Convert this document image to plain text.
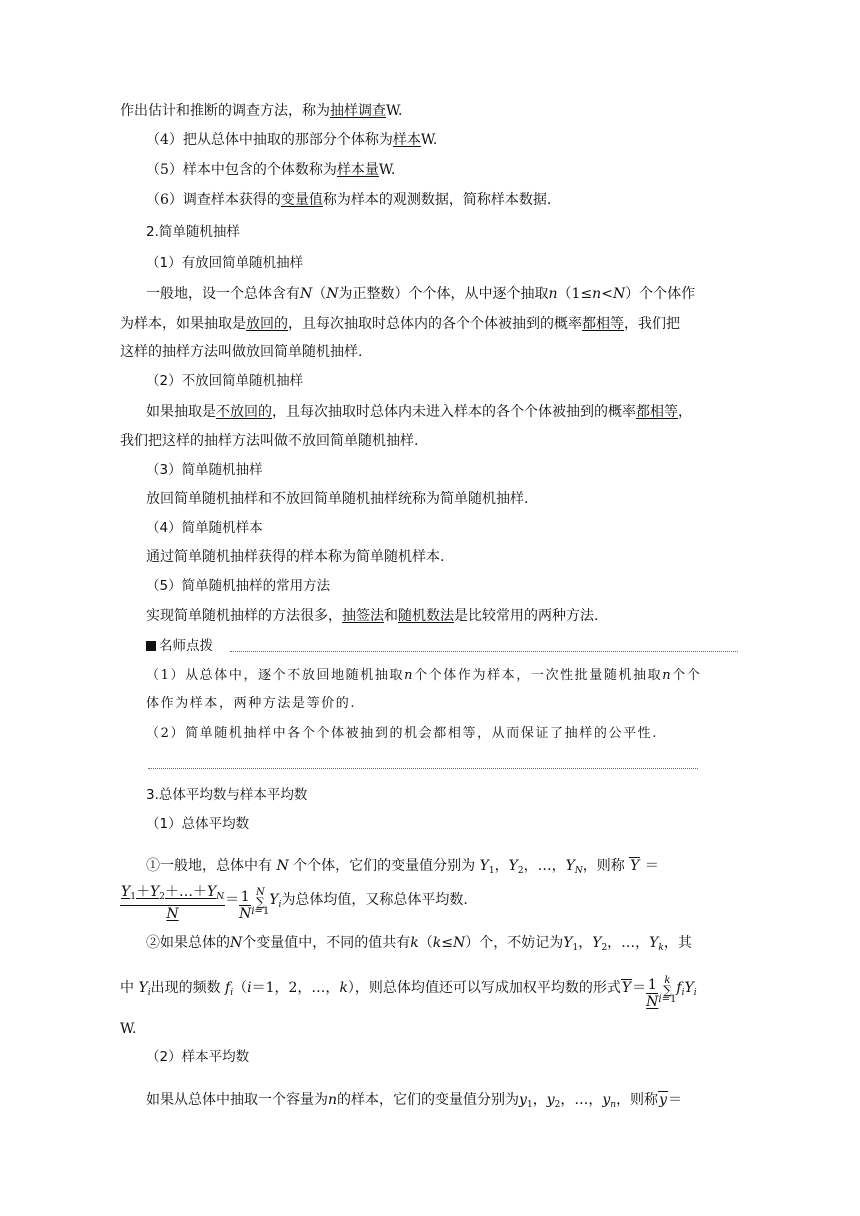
作出估计和推断的调查方法，称为抽样调查W.
（4）把从总体中抽取的那部分个体称为样本W.
（5）样本中包含的个体数称为样本量W.
（6）调查样本获得的变量值称为样本的观测数据，简称样本数据.
2.简单随机抽样
（1）有放回简单随机抽样
一般地，设一个总体含有N（N为正整数）个个体，从中逐个抽取n（1≤n<N）个个体作
为样本，如果抽取是放回的，且每次抽取时总体内的各个个体被抽到的概率都相等，我们把
这样的抽样方法叫做放回简单随机抽样.
（2）不放回简单随机抽样
如果抽取是不放回的，且每次抽取时总体内未进入样本的各个个体被抽到的概率都相等，
我们把这样的抽样方法叫做不放回简单随机抽样.
（3）简单随机抽样
放回简单随机抽样和不放回简单随机抽样统称为简单随机抽样.
（4）简单随机样本
通过简单随机抽样获得的样本称为简单随机样本.
（5）简单随机抽样的常用方法
实现简单随机抽样的方法很多，抽签法和随机数法是比较常用的两种方法.
名师点拨
（1）从总体中，逐个不放回地随机抽取n个个体作为样本，一次性批量随机抽取n个个
体作为样本，两种方法是等价的.
（2）简单随机抽样中各个个体被抽到的机会都相等，从而保证了抽样的公平性.
3.总体平均数与样本平均数
（1）总体平均数
①一般地，总体中有 N 个个体，它们的变量值分别为 $Y_1$，$Y_2$，…，$Y_N$，则称 Y ＝
$\frac{Y_1+Y_2+\dots+Y_N}{N} = \frac{1}{N}$ N
∑
$i=1Y_i$为总体均值，又称总体平均数.
②如果总体的N个变量值中，不同的值共有k（k≤N）个，不妨记为$Y_1$，$Y_2$，…，$Y_k$，其
中 $Y_i$出现的频数 $f_i(i=1$，2，…，k），则总体均值还可以写成加权平均数的形式$Y= \frac{1}{N}$ k
∑
$i=1f_iY_i$
W.
（2）样本平均数
如果从总体中抽取一个容量为n的样本，它们的变量值分别为$y_1$，$y_2$，…，$y_n$，则称y＝
